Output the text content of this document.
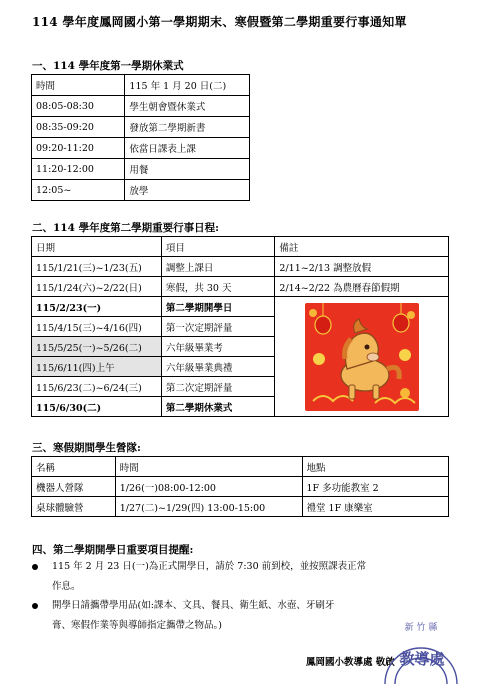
114 學年度鳳岡國小第一學期期末、寒假暨第二學期重要行事通知單
一、114 學年度第一學期休業式
時間	115 年 1 月 20 日(二)
08:05-08:30	學生朝會暨休業式
08:35-09:20	發放第二學期新書
09:20-11:20	依當日課表上課
11:20-12:00	用餐
12:05~	放學
二、114 學年度第二學期重要行事日程:
日期	項目	備註
115/1/21(三)~1/23(五)	調整上課日	2/11~2/13 調整放假
115/1/24(六)~2/22(日)	寒假，共 30 天	2/14~2/22 為農曆春節假期
115/2/23(一)	第二學期開學日	
115/4/15(三)~4/16(四)	第一次定期評量	
115/5/25(一)~5/26(二)	六年級畢業考	
115/6/11(四)上午	六年級畢業典禮	
115/6/23(二)~6/24(三)	第二次定期評量	
115/6/30(二)	第二學期休業式	
三、寒假期間學生營隊:
名稱	時間	地點
機器人營隊	1/26(一)08:00-12:00	1F 多功能教室 2
桌球體驗營	1/27(二)~1/29(四) 13:00-15:00	禮堂 1F 康樂室
四、第二學期開學日重要項目提醒:
115 年 2 月 23 日(一)為正式開學日，請於 7:30 前到校，並按照課表正常
作息。
開學日請攜帶學用品(如:課本、文具、餐具、衛生紙、水壺、牙刷牙
膏、寒假作業等與導師指定攜帶之物品。)
鳳岡國小教導處 敬啟
新 竹 縣
教導處
